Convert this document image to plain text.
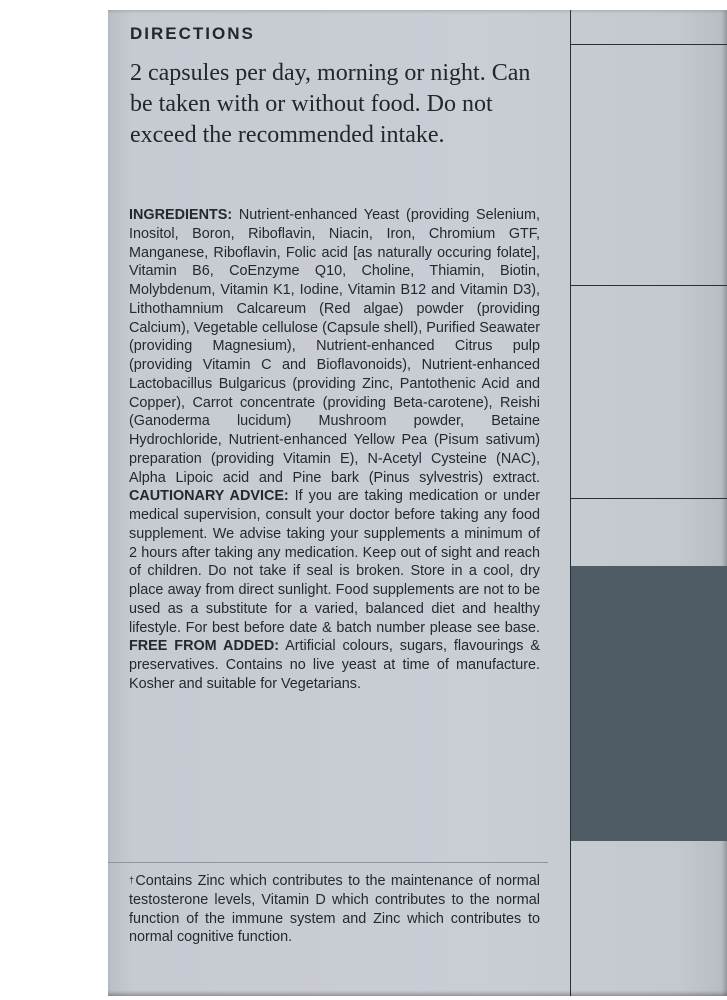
DIRECTIONS

2 capsules per day, morning or night. Can be taken with or without food. Do not exceed the recommended intake.

INGREDIENTS: Nutrient-enhanced Yeast (providing Selenium, Inositol, Boron, Riboflavin, Niacin, Iron, Chromium GTF, Manganese, Riboflavin, Folic acid [as naturally occuring folate], Vitamin B6, CoEnzyme Q10, Choline, Thiamin, Biotin, Molybdenum, Vitamin K1, Iodine, Vitamin B12 and Vitamin D3), Lithothamnium Calcareum (Red algae) powder (providing Calcium), Vegetable cellulose (Capsule shell), Purified Seawater (providing Magnesium), Nutrient-enhanced Citrus pulp (providing Vitamin C and Bioflavonoids), Nutrient-enhanced Lactobacillus Bulgaricus (providing Zinc, Pantothenic Acid and Copper), Carrot concentrate (providing Beta-carotene), Reishi (Ganoderma lucidum) Mushroom powder, Betaine Hydrochloride, Nutrient-enhanced Yellow Pea (Pisum sativum) preparation (providing Vitamin E), N-Acetyl Cysteine (NAC), Alpha Lipoic acid and Pine bark (Pinus sylvestris) extract. CAUTIONARY ADVICE: If you are taking medication or under medical supervision, consult your doctor before taking any food supplement. We advise taking your supplements a minimum of 2 hours after taking any medication. Keep out of sight and reach of children. Do not take if seal is broken. Store in a cool, dry place away from direct sunlight. Food supplements are not to be used as a substitute for a varied, balanced diet and healthy lifestyle. For best before date & batch number please see base. FREE FROM ADDED: Artificial colours, sugars, flavourings & preservatives. Contains no live yeast at time of manufacture. Kosher and suitable for Vegetarians.

†Contains Zinc which contributes to the maintenance of normal testosterone levels, Vitamin D which contributes to the normal function of the immune system and Zinc which contributes to normal cognitive function.
